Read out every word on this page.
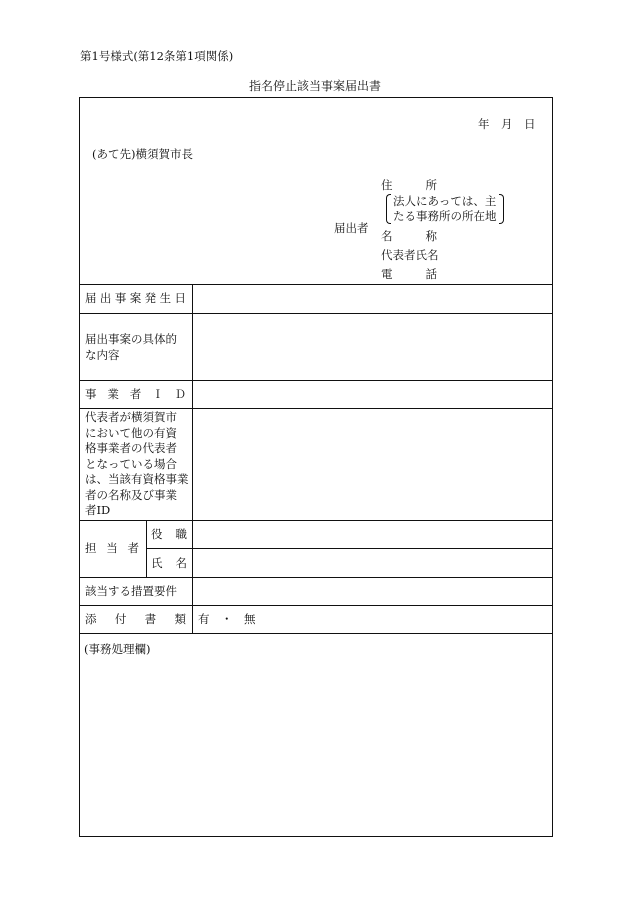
第1号様式(第12条第1項関係)
指名停止該当事案届出書
年　月　日
(あて先)横須賀市長
届出者
住所
法人にあっては、主
たる事務所の所在地
名称
代表者氏名
電話
届出事案発生日
届出事案の具体的
な内容
事業者ＩＤ
代表者が横須賀市
において他の有資
格事業者の代表者
となっている場合
は、当該有資格事業
者の名称及び事業
者ID
担当者
役職
氏名
該当する措置要件
添付書類 有　・　無
(事務処理欄)
